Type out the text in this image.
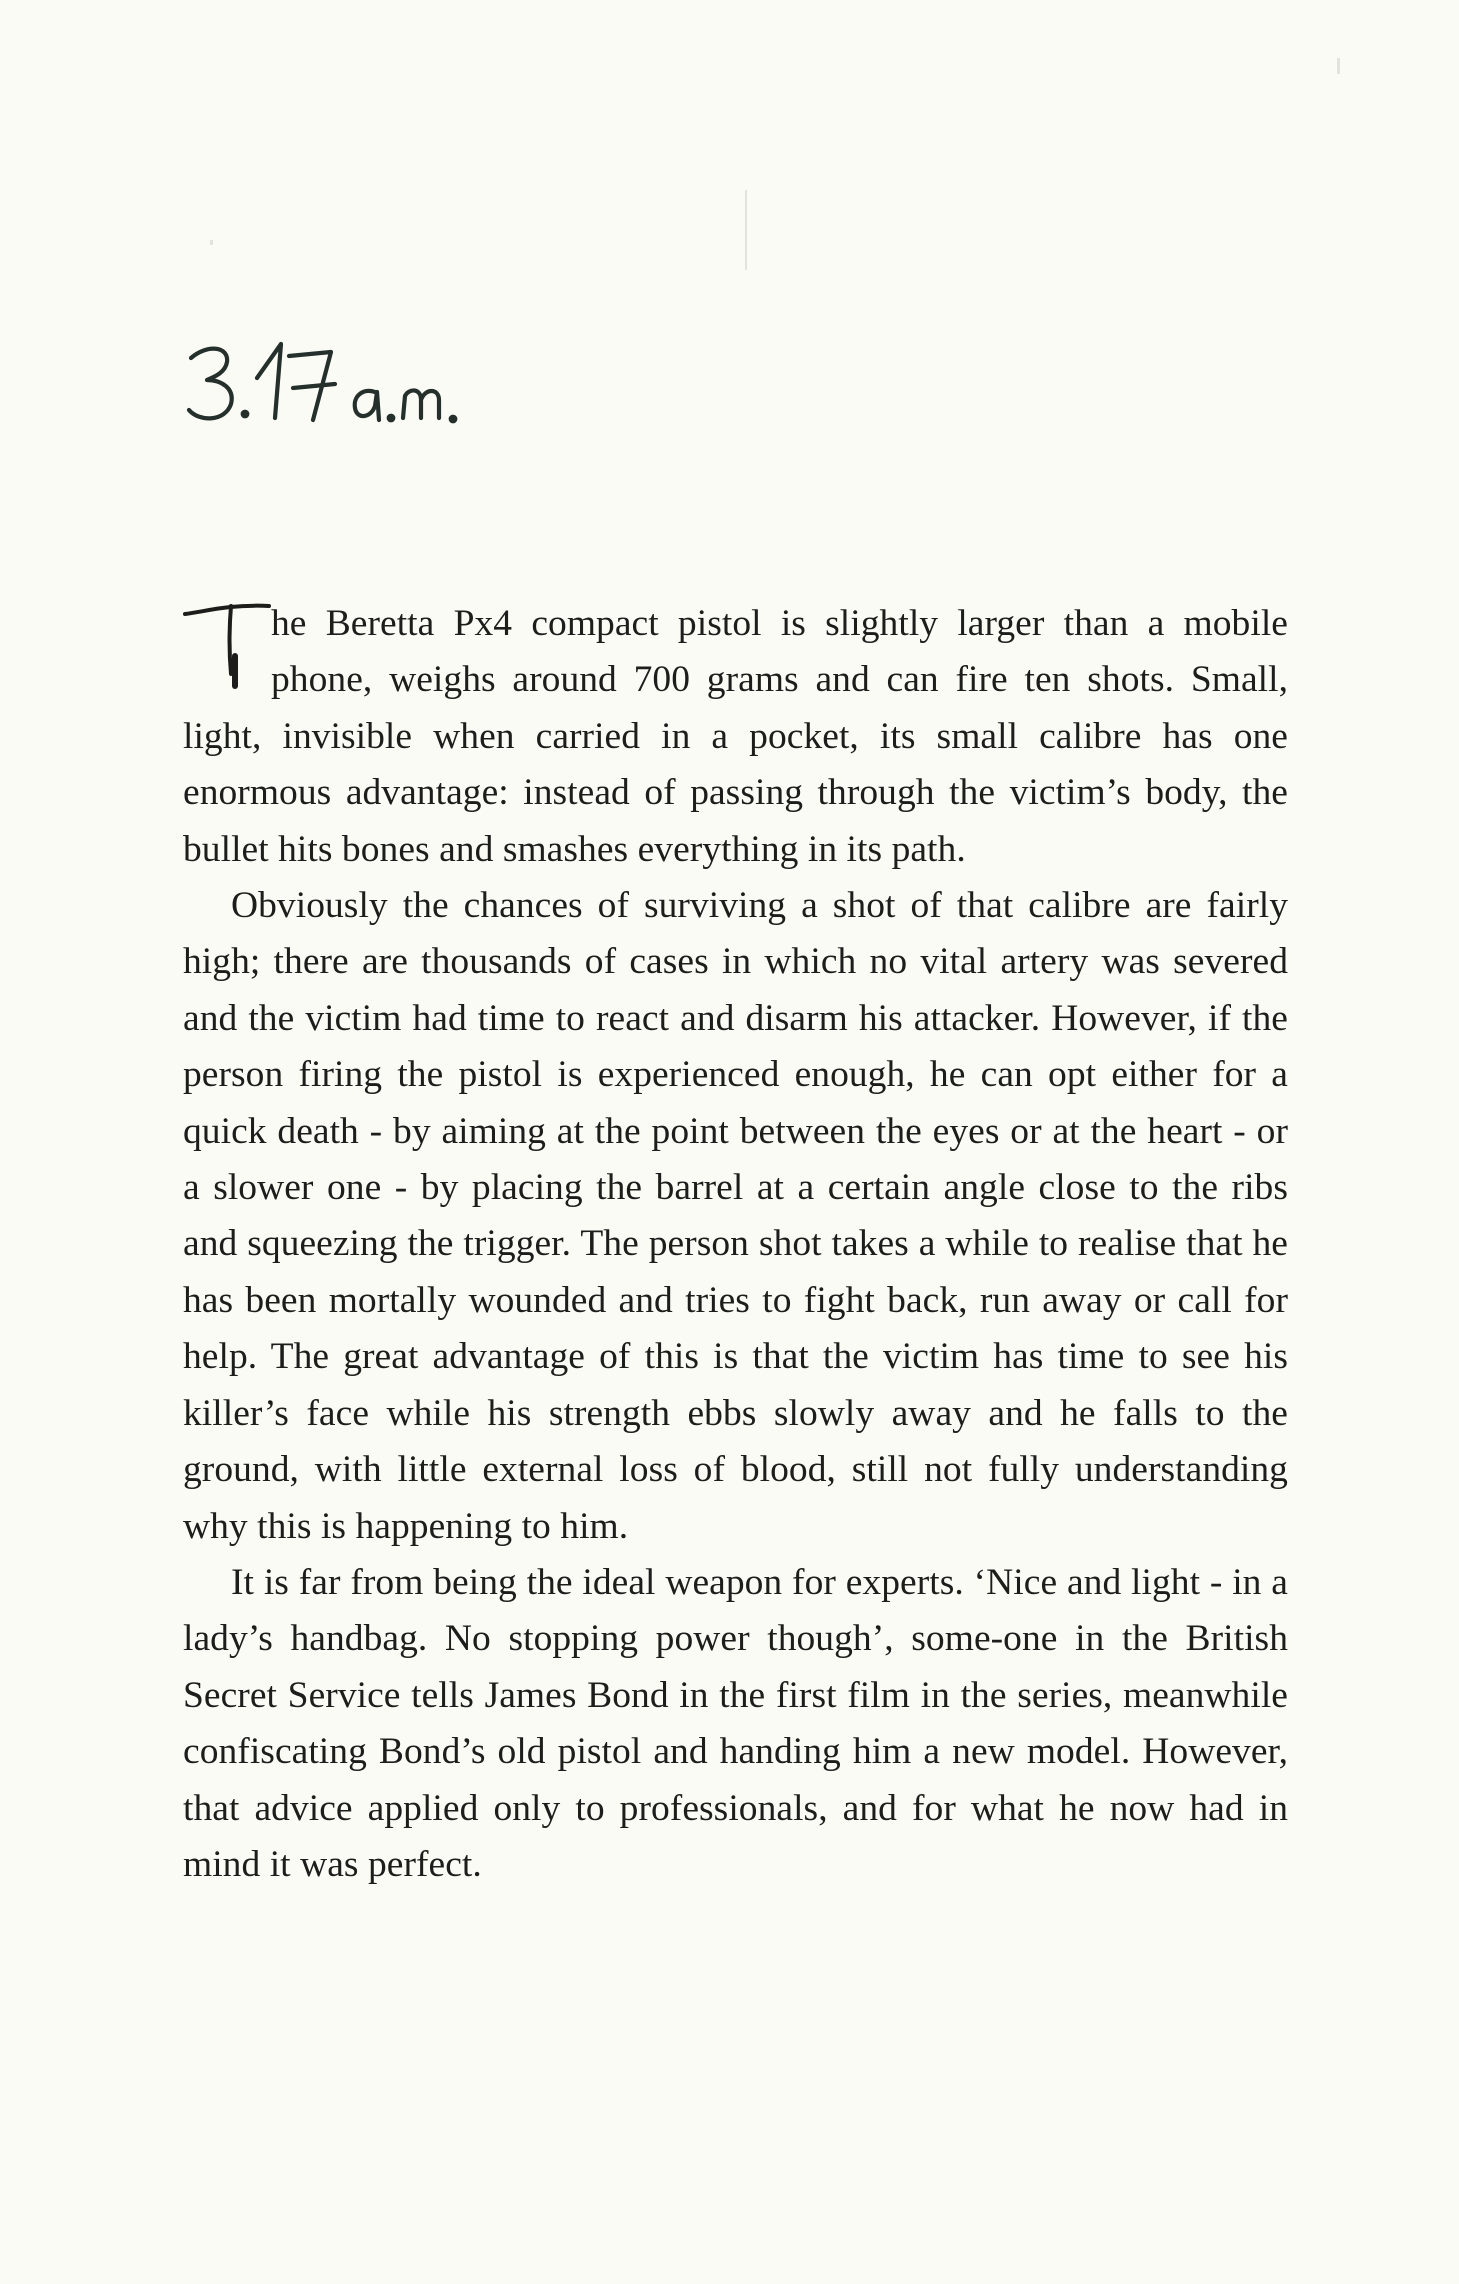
he Beretta Px4 compact pistol is slightly larger than a mobile phone, weighs around 700 grams and can fire ten shots. Small, light, invisible when carried in a pocket, its small calibre has one enormous advantage: instead of passing through the victim’s body, the bullet hits bones and smashes everything in its path.

Obviously the chances of surviving a shot of that calibre are fairly high; there are thousands of cases in which no vital artery was severed and the victim had time to react and disarm his attacker. However, if the person firing the pistol is experienced enough, he can opt either for a quick death - by aiming at the point between the eyes or at the heart - or a slower one - by placing the barrel at a certain angle close to the ribs and squeezing the trigger. The person shot takes a while to realise that he has been mortally wounded and tries to fight back, run away or call for help. The great advantage of this is that the victim has time to see his killer’s face while his strength ebbs slowly away and he falls to the ground, with little external loss of blood, still not fully understanding why this is happening to him.

It is far from being the ideal weapon for experts. ‘Nice and light - in a lady’s handbag. No stopping power though’, some-one in the British Secret Service tells James Bond in the first film in the series, meanwhile confiscating Bond’s old pistol and handing him a new model. However, that advice applied only to professionals, and for what he now had in mind it was perfect.
